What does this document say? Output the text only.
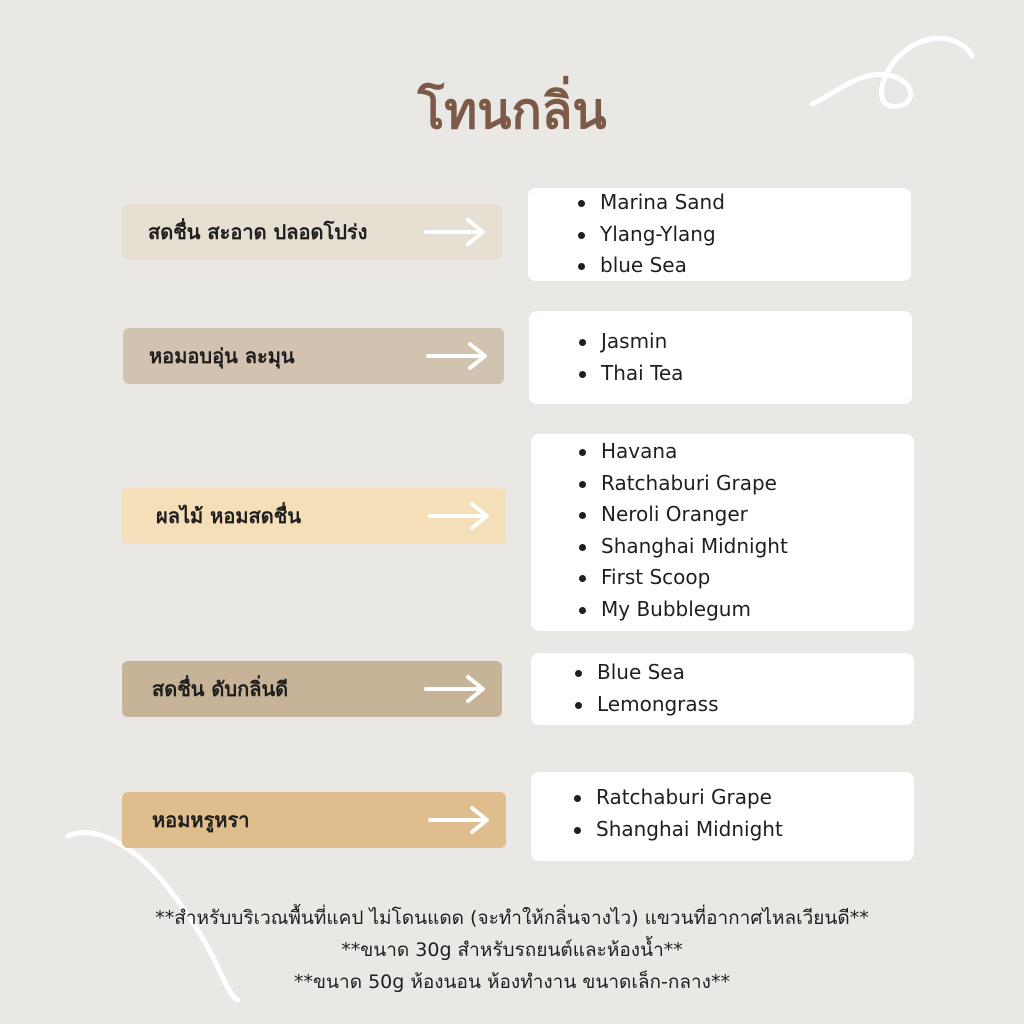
โทนกลิ่น
สดชื่น สะอาด ปลอดโปร่ง
Marina Sand
Ylang-Ylang
blue Sea
หอมอบอุ่น ละมุน
Jasmin
Thai Tea
ผลไม้ หอมสดชื่น
Havana
Ratchaburi Grape
Neroli Oranger
Shanghai Midnight
First Scoop
My Bubblegum
สดชื่น ดับกลิ่นดี
Blue Sea
Lemongrass
หอมหรูหรา
Ratchaburi Grape
Shanghai Midnight
**สำหรับบริเวณพื้นที่แคป ไม่โดนแดด (จะทำให้กลิ่นจางไว) แขวนที่อากาศไหลเวียนดี**
**ขนาด 30g สำหรับรถยนต์และห้องน้ำ**
**ขนาด 50g ห้องนอน ห้องทำงาน ขนาดเล็ก-กลาง**
